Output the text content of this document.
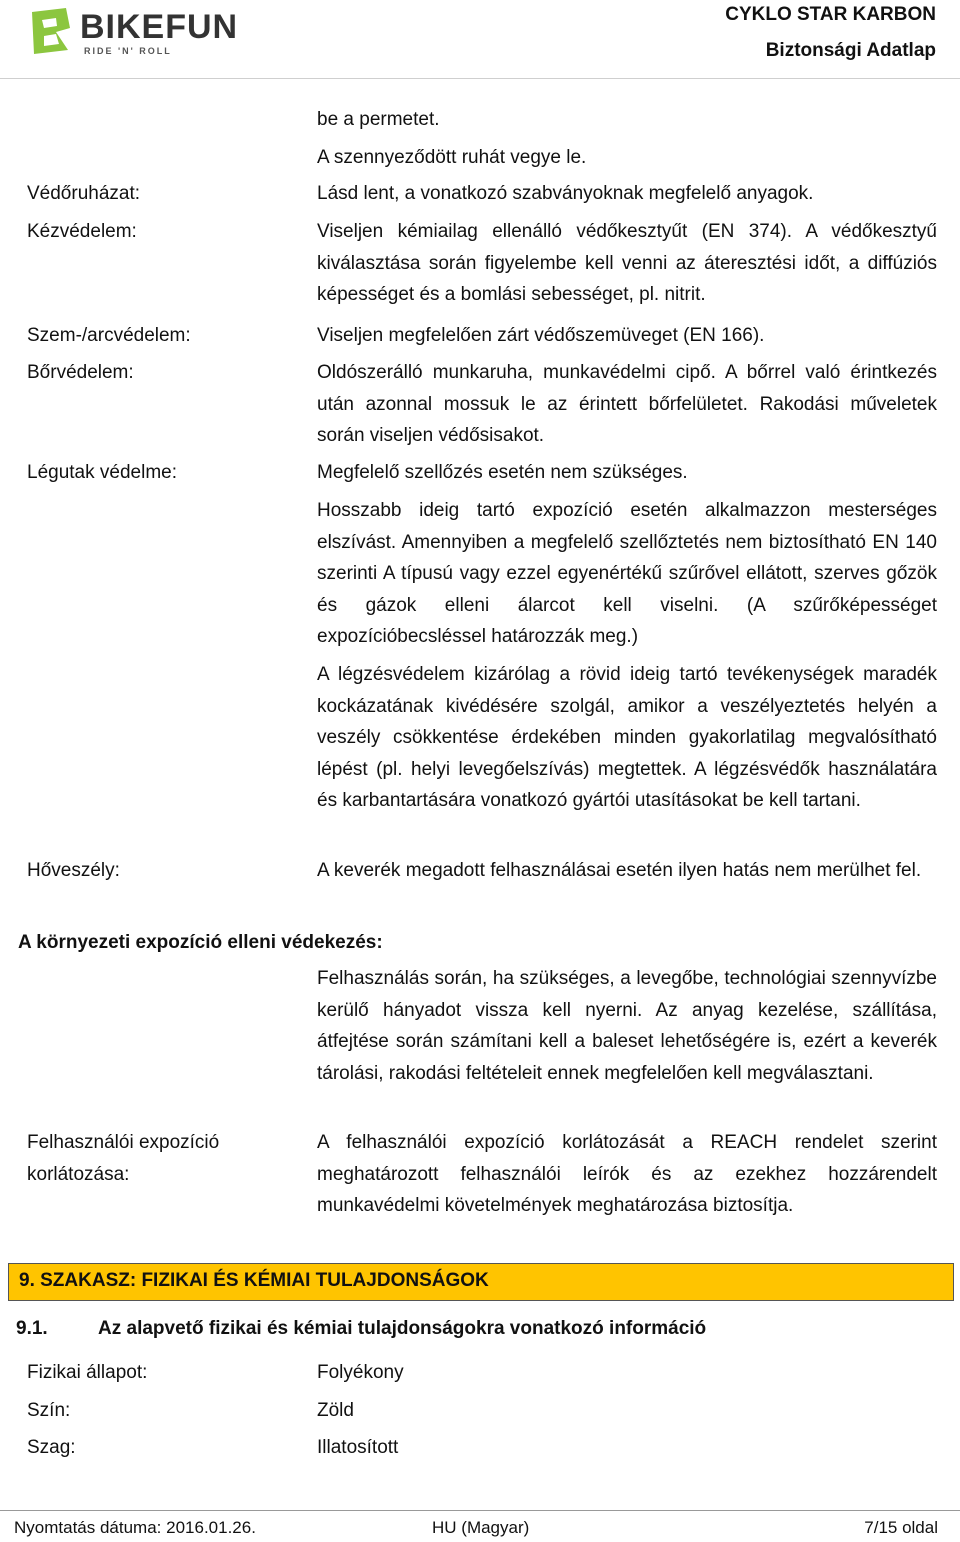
BIKEFUN
RIDE 'N' ROLL
CYKLO STAR KARBON
Biztonsági Adatlap
be a permetet.
A szennyeződött ruhát vegye le.
Védőruházat:	Lásd lent, a vonatkozó szabványoknak megfelelő anyagok.
Kézvédelem:	Viseljen kémiailag ellenálló védőkesztyűt (EN 374). A védőkesztyű kiválasztása során figyelembe kell venni az áteresztési időt, a diffúziós képességet és a bomlási sebességet, pl. nitrit.
Szem-/arcvédelem:	Viseljen megfelelően zárt védőszemüveget (EN 166).
Bőrvédelem:	Oldószerálló munkaruha, munkavédelmi cipő. A bőrrel való érintkezés után azonnal mossuk le az érintett bőrfelületet. Rakodási műveletek során viseljen védősisakot.
Légutak védelme:	Megfelelő szellőzés esetén nem szükséges.
Hosszabb ideig tartó expozíció esetén alkalmazzon mesterséges elszívást. Amennyiben a megfelelő szellőztetés nem biztosítható EN 140 szerinti A típusú vagy ezzel egyenértékű szűrővel ellátott, szerves gőzök és gázok elleni álarcot kell viselni. (A szűrőképességet expozícióbecsléssel határozzák meg.)
A légzésvédelem kizárólag a rövid ideig tartó tevékenységek maradék kockázatának kivédésére szolgál, amikor a veszélyeztetés helyén a veszély csökkentése érdekében minden gyakorlatilag megvalósítható lépést (pl. helyi levegőelszívás) megtettek. A légzésvédők használatára és karbantartására vonatkozó gyártói utasításokat be kell tartani.
Hőveszély:	A keverék megadott felhasználásai esetén ilyen hatás nem merülhet fel.
A környezeti expozíció elleni védekezés:
Felhasználás során, ha szükséges, a levegőbe, technológiai szennyvízbe kerülő hányadot vissza kell nyerni. Az anyag kezelése, szállítása, átfejtése során számítani kell a baleset lehetőségére is, ezért a keverék tárolási, rakodási feltételeit ennek megfelelően kell megválasztani.
Felhasználói expozíció korlátozása:
A felhasználói expozíció korlátozását a REACH rendelet szerint meghatározott felhasználói leírók és az ezekhez hozzárendelt munkavédelmi követelmények meghatározása biztosítja.
9. SZAKASZ: FIZIKAI ÉS KÉMIAI TULAJDONSÁGOK
9.1.	Az alapvető fizikai és kémiai tulajdonságokra vonatkozó információ
Fizikai állapot:	Folyékony
Szín:	Zöld
Szag:	Illatosított
Nyomtatás dátuma: 2016.01.26.	HU (Magyar)	7/15 oldal
